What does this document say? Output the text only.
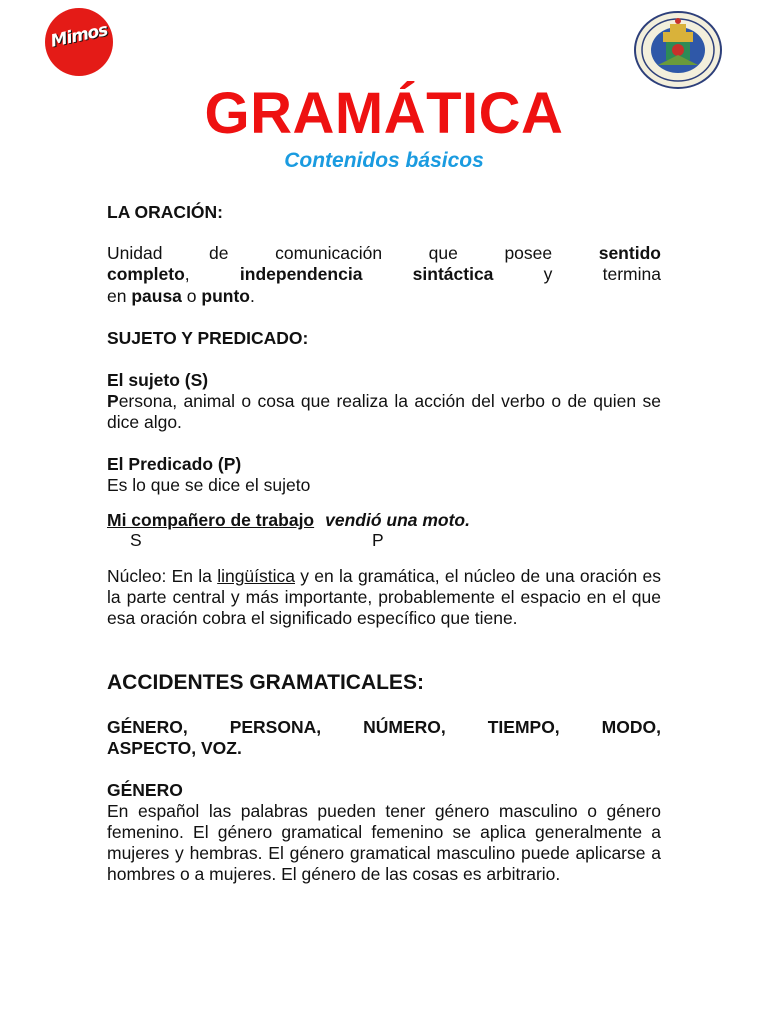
Mimos
GRAMÁTICA
Contenidos básicos
LA ORACIÓN:
Unidad	de	comunicación	que	posee	sentido
completo,	independencia	sintáctica	y	termina
en pausa o punto.
SUJETO Y PREDICADO:
El sujeto (S)
Persona, animal o cosa que realiza la acción del verbo o de quien se dice algo.
El Predicado (P)
Es lo que se dice el sujeto
Mi compañero de trabajo vendió una moto.
S	P
Núcleo: En la lingüística y en la gramática, el núcleo de una oración es la parte central y más importante, probablemente el espacio en el que esa oración cobra el significado específico que tiene.
ACCIDENTES GRAMATICALES:
GÉNERO, PERSONA, NÚMERO, TIEMPO, MODO,
ASPECTO, VOZ.
GÉNERO
En español las palabras pueden tener género masculino o género femenino. El género gramatical femenino se aplica generalmente a mujeres y hembras. El género gramatical masculino puede aplicarse a hombres o a mujeres. El género de las cosas es arbitrario.
